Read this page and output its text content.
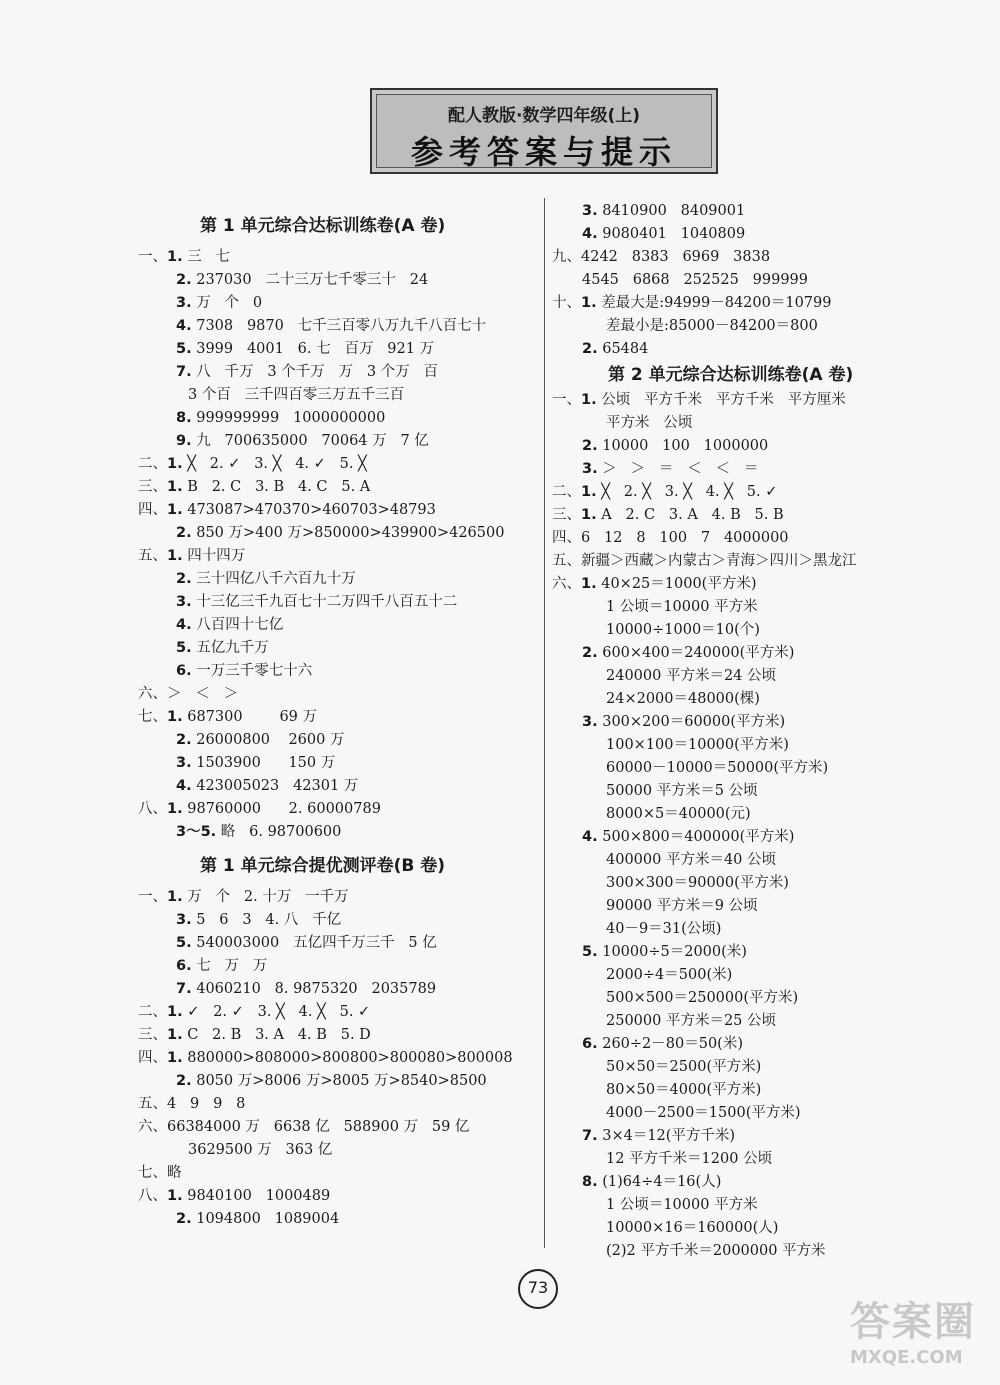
配人教版·数学四年级(上)
参考答案与提示
第 1 单元综合达标训练卷(A 卷)
一、1. 三   七
2. 237030   二十三万七千零三十   24
3. 万   个   0
4. 7308   9870   七千三百零八万九千八百七十
5. 3999   4001   6. 七   百万   921 万
7. 八   千万   3 个千万   万   3 个万   百
3 个百   三千四百零三万五千三百
8. 999999999   1000000000
9. 九   700635000   70064 万   7 亿
二、1. ╳   2. ✓   3. ╳   4. ✓   5. ╳
三、1. B   2. C   3. B   4. C   5. A
四、1. 473087>470370>460703>48793
2. 850 万>400 万>850000>439900>426500
五、1. 四十四万
2. 三十四亿八千六百九十万
3. 十三亿三千九百七十二万四千八百五十二
4. 八百四十七亿
5. 五亿九千万
6. 一万三千零七十六
六、＞   ＜   ＞
七、1. 687300        69 万
2. 26000800    2600 万
3. 1503900      150 万
4. 423005023   42301 万
八、1. 98760000      2. 60000789
3～5. 略   6. 98700600
第 1 单元综合提优测评卷(B 卷)
一、1. 万   个   2. 十万   一千万
3. 5   6   3   4. 八   千亿
5. 540003000   五亿四千万三千   5 亿
6. 七   万   万
7. 4060210   8. 9875320   2035789
二、1. ✓   2. ✓   3. ╳   4. ╳   5. ✓
三、1. C   2. B   3. A   4. B   5. D
四、1. 880000>808000>800800>800080>800008
2. 8050 万>8006 万>8005 万>8540>8500
五、4   9   9   8
六、66384000 万   6638 亿   588900 万   59 亿
3629500 万   363 亿
七、略
八、1. 9840100   1000489
2. 1094800   1089004
3. 8410900   8409001
4. 9080401   1040809
九、4242   8383   6969   3838
4545   6868   252525   999999
十、1. 差最大是:94999－84200＝10799
差最小是:85000－84200＝800
2. 65484
第 2 单元综合达标训练卷(A 卷)
一、1. 公顷   平方千米   平方千米   平方厘米
平方米   公顷
2. 10000   100   1000000
3. ＞   ＞   ＝   ＜   ＜   ＝
二、1. ╳   2. ╳   3. ╳   4. ╳   5. ✓
三、1. A   2. C   3. A   4. B   5. B
四、6   12   8   100   7   4000000
五、新疆＞西藏＞内蒙古＞青海＞四川＞黑龙江
六、1. 40×25＝1000(平方米)
1 公顷＝10000 平方米
10000÷1000＝10(个)
2. 600×400＝240000(平方米)
240000 平方米＝24 公顷
24×2000＝48000(棵)
3. 300×200＝60000(平方米)
100×100＝10000(平方米)
60000－10000＝50000(平方米)
50000 平方米＝5 公顷
8000×5＝40000(元)
4. 500×800＝400000(平方米)
400000 平方米＝40 公顷
300×300＝90000(平方米)
90000 平方米＝9 公顷
40－9＝31(公顷)
5. 10000÷5＝2000(米)
2000÷4＝500(米)
500×500＝250000(平方米)
250000 平方米＝25 公顷
6. 260÷2－80＝50(米)
50×50＝2500(平方米)
80×50＝4000(平方米)
4000－2500＝1500(平方米)
7. 3×4＝12(平方千米)
12 平方千米＝1200 公顷
8. (1)64÷4＝16(人)
1 公顷＝10000 平方米
10000×16＝160000(人)
(2)2 平方千米＝2000000 平方米
73
答案圈
MXQE.COM
